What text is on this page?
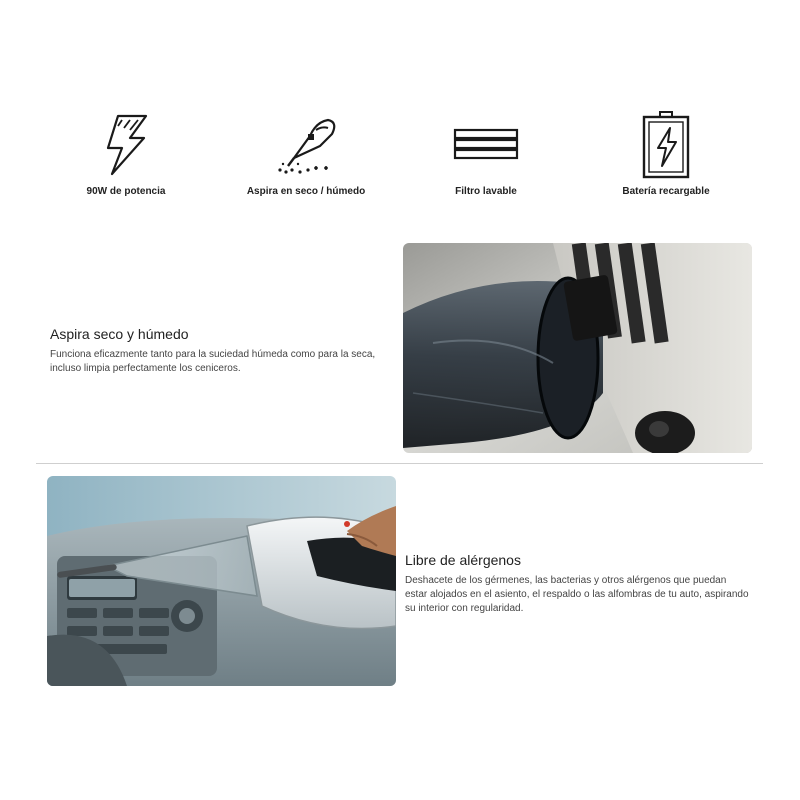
90W de potencia	Aspira en seco / húmedo	Filtro lavable	Batería recargable
Aspira seco y húmedo
Funciona eficazmente tanto para la suciedad húmeda como para la seca, incluso limpia perfectamente los ceniceros.
Libre de alérgenos
Deshacete de los gérmenes, las bacterias y otros alérgenos que puedan estar alojados en el asiento, el respaldo o las alfombras de tu auto, aspirando su interior con regularidad.
